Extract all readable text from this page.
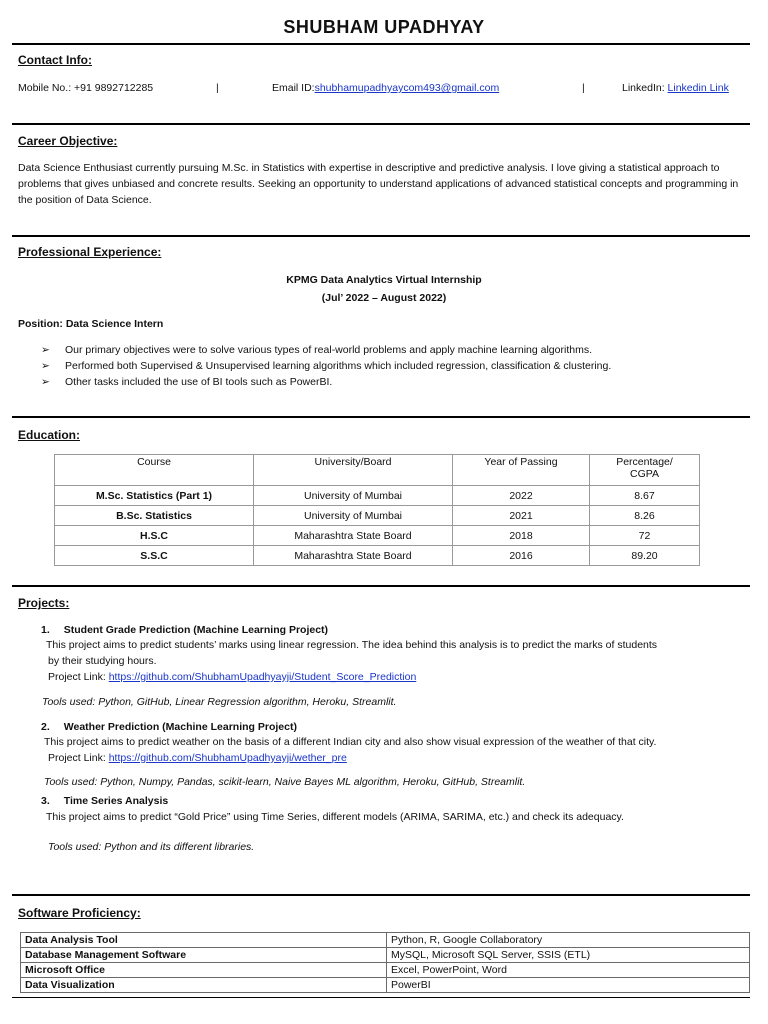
SHUBHAM UPADHYAY
Contact Info:
Mobile No.: +91 9892712285	|	Email ID:shubhamupadhyaycom493@gmail.com	|	LinkedIn: Linkedin Link
Career Objective:
Data Science Enthusiast currently pursuing M.Sc. in Statistics with expertise in descriptive and predictive analysis. I love giving a statistical approach to problems that gives unbiased and concrete results. Seeking an opportunity to understand applications of advanced statistical concepts and programming in the position of Data Science.
Professional Experience:
KPMG Data Analytics Virtual Internship
(Jul’ 2022 – August 2022)
Position: Data Science Intern
➢ Our primary objectives were to solve various types of real-world problems and apply machine learning algorithms.
➢ Performed both Supervised & Unsupervised learning algorithms which included regression, classification & clustering.
➢ Other tasks included the use of BI tools such as PowerBI.
Education:
Course	University/Board	Year of Passing	Percentage/ CGPA

M.Sc. Statistics (Part 1)	University of Mumbai	2022	8.67
B.Sc. Statistics	University of Mumbai	2021	8.26
H.S.C	Maharashtra State Board	2018	72
S.S.C	Maharashtra State Board	2016	89.20
Projects:
1. Student Grade Prediction (Machine Learning Project)
This project aims to predict students’ marks using linear regression. The idea behind this analysis is to predict the marks of students
by their studying hours.
Project Link: https://github.com/ShubhamUpadhyayji/Student_Score_Prediction
Tools used: Python, GitHub, Linear Regression algorithm, Heroku, Streamlit.
2. Weather Prediction (Machine Learning Project)
This project aims to predict weather on the basis of a different Indian city and also show visual expression of the weather of that city.
Project Link: https://github.com/ShubhamUpadhyayji/wether_pre
Tools used: Python, Numpy, Pandas, scikit-learn, Naive Bayes ML algorithm, Heroku, GitHub, Streamlit.
3. Time Series Analysis
This project aims to predict “Gold Price” using Time Series, different models (ARIMA, SARIMA, etc.) and check its adequacy.
Tools used: Python and its different libraries.
Software Proficiency:
Data Analysis Tool	Python, R, Google Collaboratory
Database Management Software	MySQL, Microsoft SQL Server, SSIS (ETL)
Microsoft Office	Excel, PowerPoint, Word
Data Visualization	PowerBI
